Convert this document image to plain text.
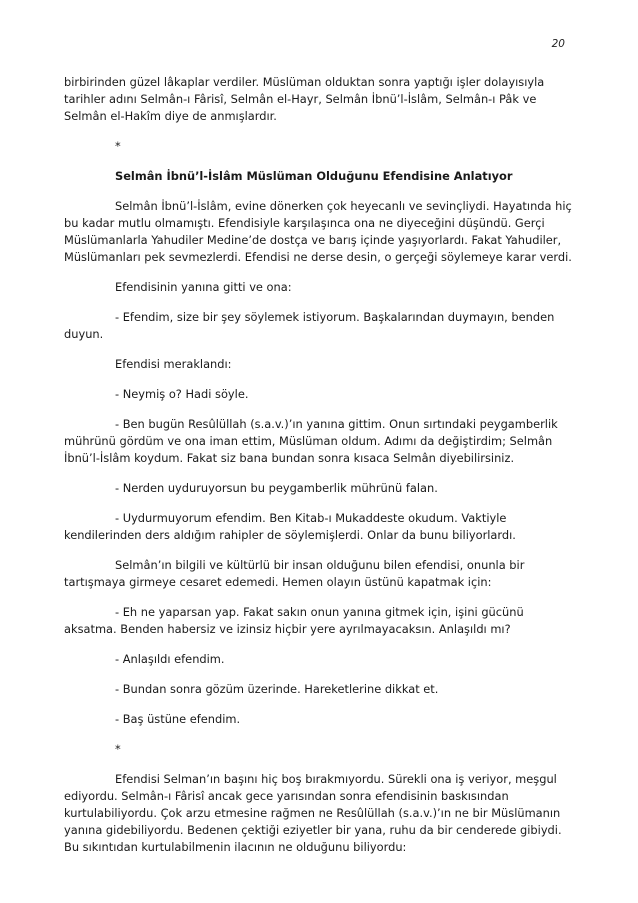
20

birbirinden güzel lâkaplar verdiler. Müslüman olduktan sonra yaptığı işler dolayısıyla tarihler adını Selmân-ı Fârisî, Selmân el-Hayr, Selmân İbnü’l-İslâm, Selmân-ı Pâk ve Selmân el-Hakîm diye de anmışlardır.

*

Selmân İbnü’l-İslâm Müslüman Olduğunu Efendisine Anlatıyor

Selmân İbnü’l-İslâm, evine dönerken çok heyecanlı ve sevinçliydi. Hayatında hiç bu kadar mutlu olmamıştı. Efendisiyle karşılaşınca ona ne diyeceğini düşündü. Gerçi Müslümanlarla Yahudiler Medine’de dostça ve barış içinde yaşıyorlardı. Fakat Yahudiler, Müslümanları pek sevmezlerdi. Efendisi ne derse desin, o gerçeği söylemeye karar verdi.

Efendisinin yanına gitti ve ona:

- Efendim, size bir şey söylemek istiyorum. Başkalarından duymayın, benden duyun.

Efendisi meraklandı:

- Neymiş o? Hadi söyle.

- Ben bugün Resûlüllah (s.a.v.)’ın yanına gittim. Onun sırtındaki peygamberlik mührünü gördüm ve ona iman ettim, Müslüman oldum. Adımı da değiştirdim; Selmân İbnü’l-İslâm koydum. Fakat siz bana bundan sonra kısaca Selmân diyebilirsiniz.

- Nerden uyduruyorsun bu peygamberlik mührünü falan.

- Uydurmuyorum efendim. Ben Kitab-ı Mukaddeste okudum. Vaktiyle kendilerinden ders aldığım rahipler de söylemişlerdi. Onlar da bunu biliyorlardı.

Selmân’ın bilgili ve kültürlü bir insan olduğunu bilen efendisi, onunla bir tartışmaya girmeye cesaret edemedi. Hemen olayın üstünü kapatmak için:

- Eh ne yaparsan yap. Fakat sakın onun yanına gitmek için, işini gücünü aksatma. Benden habersiz ve izinsiz hiçbir yere ayrılmayacaksın. Anlaşıldı mı?

- Anlaşıldı efendim.

- Bundan sonra gözüm üzerinde. Hareketlerine dikkat et.

- Baş üstüne efendim.

*

Efendisi Selman’ın başını hiç boş bırakmıyordu. Sürekli ona iş veriyor, meşgul ediyordu. Selmân-ı Fârisî ancak gece yarısından sonra efendisinin baskısından kurtulabiliyordu. Çok arzu etmesine rağmen ne Resûlüllah (s.a.v.)’ın ne bir Müslümanın yanına gidebiliyordu. Bedenen çektiği eziyetler bir yana, ruhu da bir cenderede gibiydi. Bu sıkıntıdan kurtulabilmenin ilacının ne olduğunu biliyordu:
